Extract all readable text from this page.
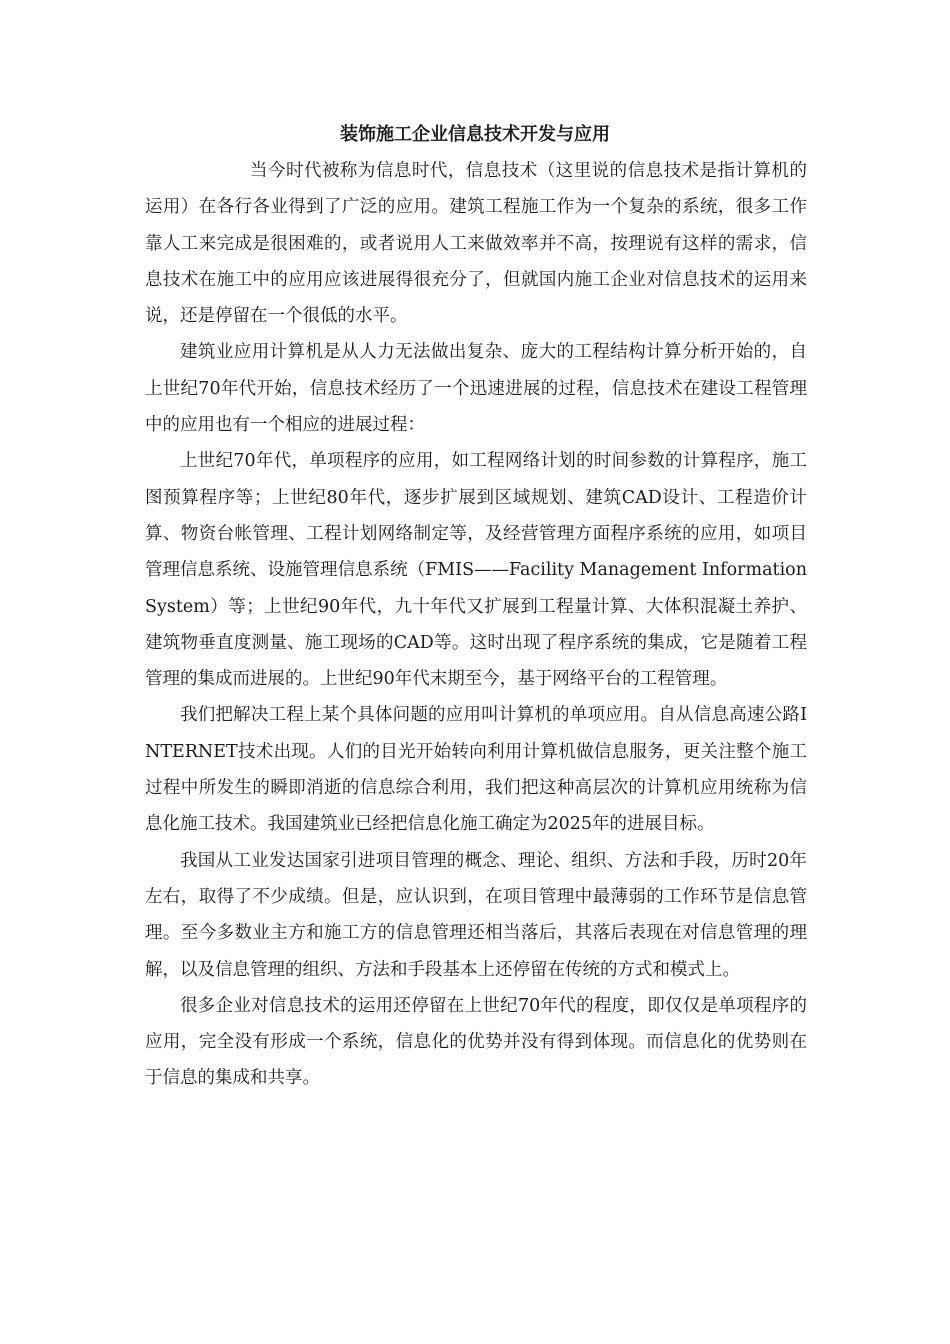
装饰施工企业信息技术开发与应用

当今时代被称为信息时代，信息技术（这里说的信息技术是指计算机的运用）在各行各业得到了广泛的应用。建筑工程施工作为一个复杂的系统，很多工作靠人工来完成是很困难的，或者说用人工来做效率并不高，按理说有这样的需求，信息技术在施工中的应用应该进展得很充分了，但就国内施工企业对信息技术的运用来说，还是停留在一个很低的水平。

建筑业应用计算机是从人力无法做出复杂、庞大的工程结构计算分析开始的，自上世纪70年代开始，信息技术经历了一个迅速进展的过程，信息技术在建设工程管理中的应用也有一个相应的进展过程：

上世纪70年代，单项程序的应用，如工程网络计划的时间参数的计算程序，施工图预算程序等；上世纪80年代，逐步扩展到区域规划、建筑CAD设计、工程造价计算、物资台帐管理、工程计划网络制定等，及经营管理方面程序系统的应用，如项目管理信息系统、设施管理信息系统（FMIS——Facility Management Information System）等；上世纪90年代，九十年代又扩展到工程量计算、大体积混凝土养护、建筑物垂直度测量、施工现场的CAD等。这时出现了程序系统的集成，它是随着工程管理的集成而进展的。上世纪90年代末期至今，基于网络平台的工程管理。

我们把解决工程上某个具体问题的应用叫计算机的单项应用。自从信息高速公路INTERNET技术出现。人们的目光开始转向利用计算机做信息服务，更关注整个施工过程中所发生的瞬即消逝的信息综合利用，我们把这种高层次的计算机应用统称为信息化施工技术。我国建筑业已经把信息化施工确定为2025年的进展目标。

我国从工业发达国家引进项目管理的概念、理论、组织、方法和手段，历时20年左右，取得了不少成绩。但是，应认识到，在项目管理中最薄弱的工作环节是信息管理。至今多数业主方和施工方的信息管理还相当落后，其落后表现在对信息管理的理解，以及信息管理的组织、方法和手段基本上还停留在传统的方式和模式上。

很多企业对信息技术的运用还停留在上世纪70年代的程度，即仅仅是单项程序的应用，完全没有形成一个系统，信息化的优势并没有得到体现。而信息化的优势则在于信息的集成和共享。
